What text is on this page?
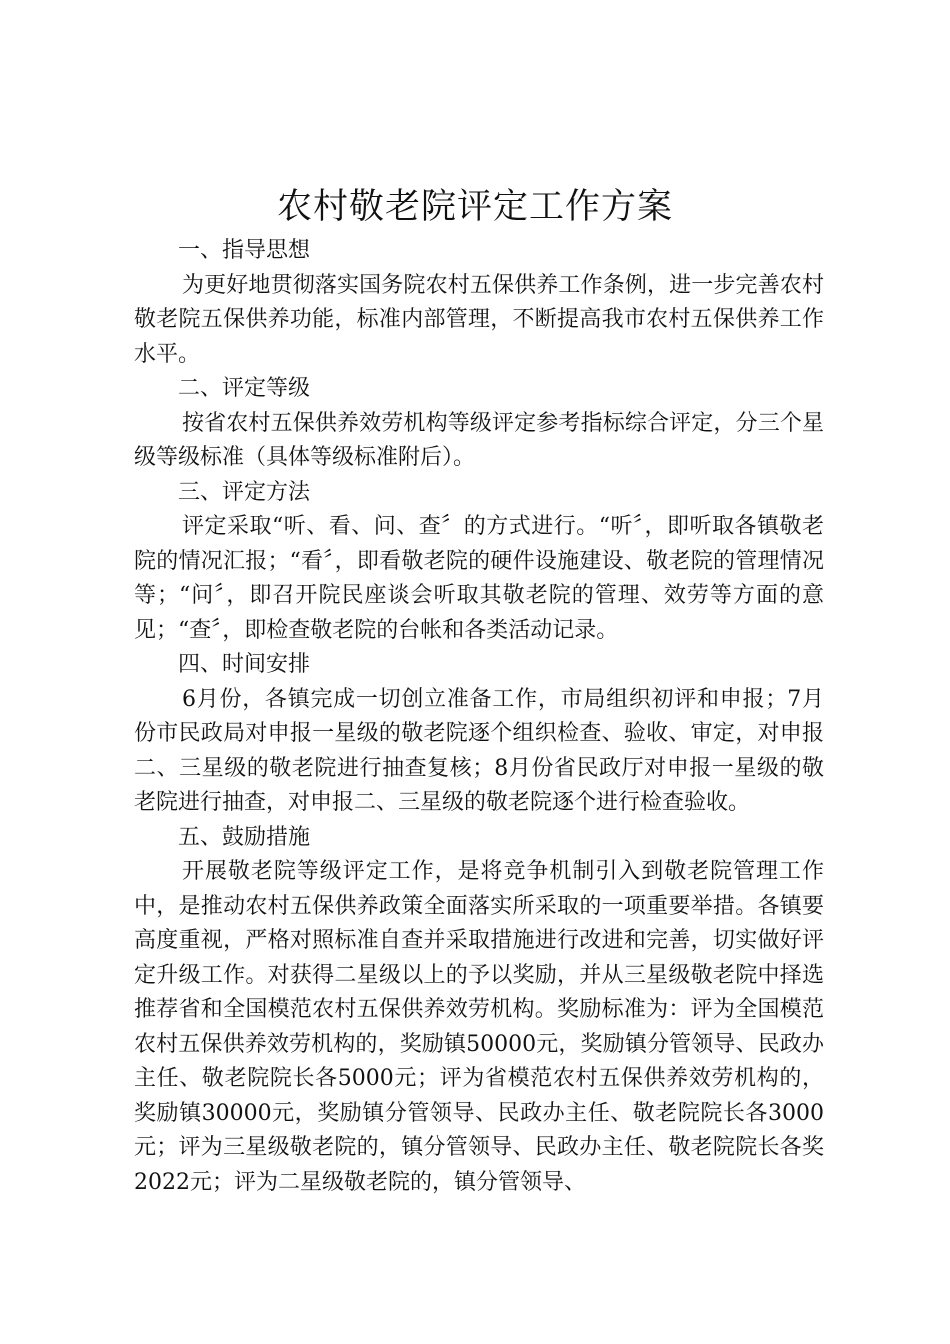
农村敬老院评定工作方案

一、指导思想

为更好地贯彻落实国务院农村五保供养工作条例，进一步完善农村敬老院五保供养功能，标准内部管理，不断提高我市农村五保供养工作水平。

二、评定等级

按省农村五保供养效劳机构等级评定参考指标综合评定，分三个星级等级标准（具体等级标准附后）。

三、评定方法

评定采取“听、看、问、查〞的方式进行。“听〞，即听取各镇敬老院的情况汇报；“看〞，即看敬老院的硬件设施建设、敬老院的管理情况等；“问〞，即召开院民座谈会听取其敬老院的管理、效劳等方面的意见；“查〞，即检查敬老院的台帐和各类活动记录。

四、时间安排

6月份，各镇完成一切创立准备工作，市局组织初评和申报；7月份市民政局对申报一星级的敬老院逐个组织检查、验收、审定，对申报二、三星级的敬老院进行抽查复核；8月份省民政厅对申报一星级的敬老院进行抽查，对申报二、三星级的敬老院逐个进行检查验收。

五、鼓励措施

开展敬老院等级评定工作，是将竞争机制引入到敬老院管理工作中，是推动农村五保供养政策全面落实所采取的一项重要举措。各镇要高度重视，严格对照标准自查并采取措施进行改进和完善，切实做好评定升级工作。对获得二星级以上的予以奖励，并从三星级敬老院中择选推荐省和全国模范农村五保供养效劳机构。奖励标准为：评为全国模范农村五保供养效劳机构的，奖励镇50000元，奖励镇分管领导、民政办主任、敬老院院长各5000元；评为省模范农村五保供养效劳机构的，奖励镇30000元，奖励镇分管领导、民政办主任、敬老院院长各3000元；评为三星级敬老院的，镇分管领导、民政办主任、敬老院院长各奖2022元；评为二星级敬老院的，镇分管领导、
